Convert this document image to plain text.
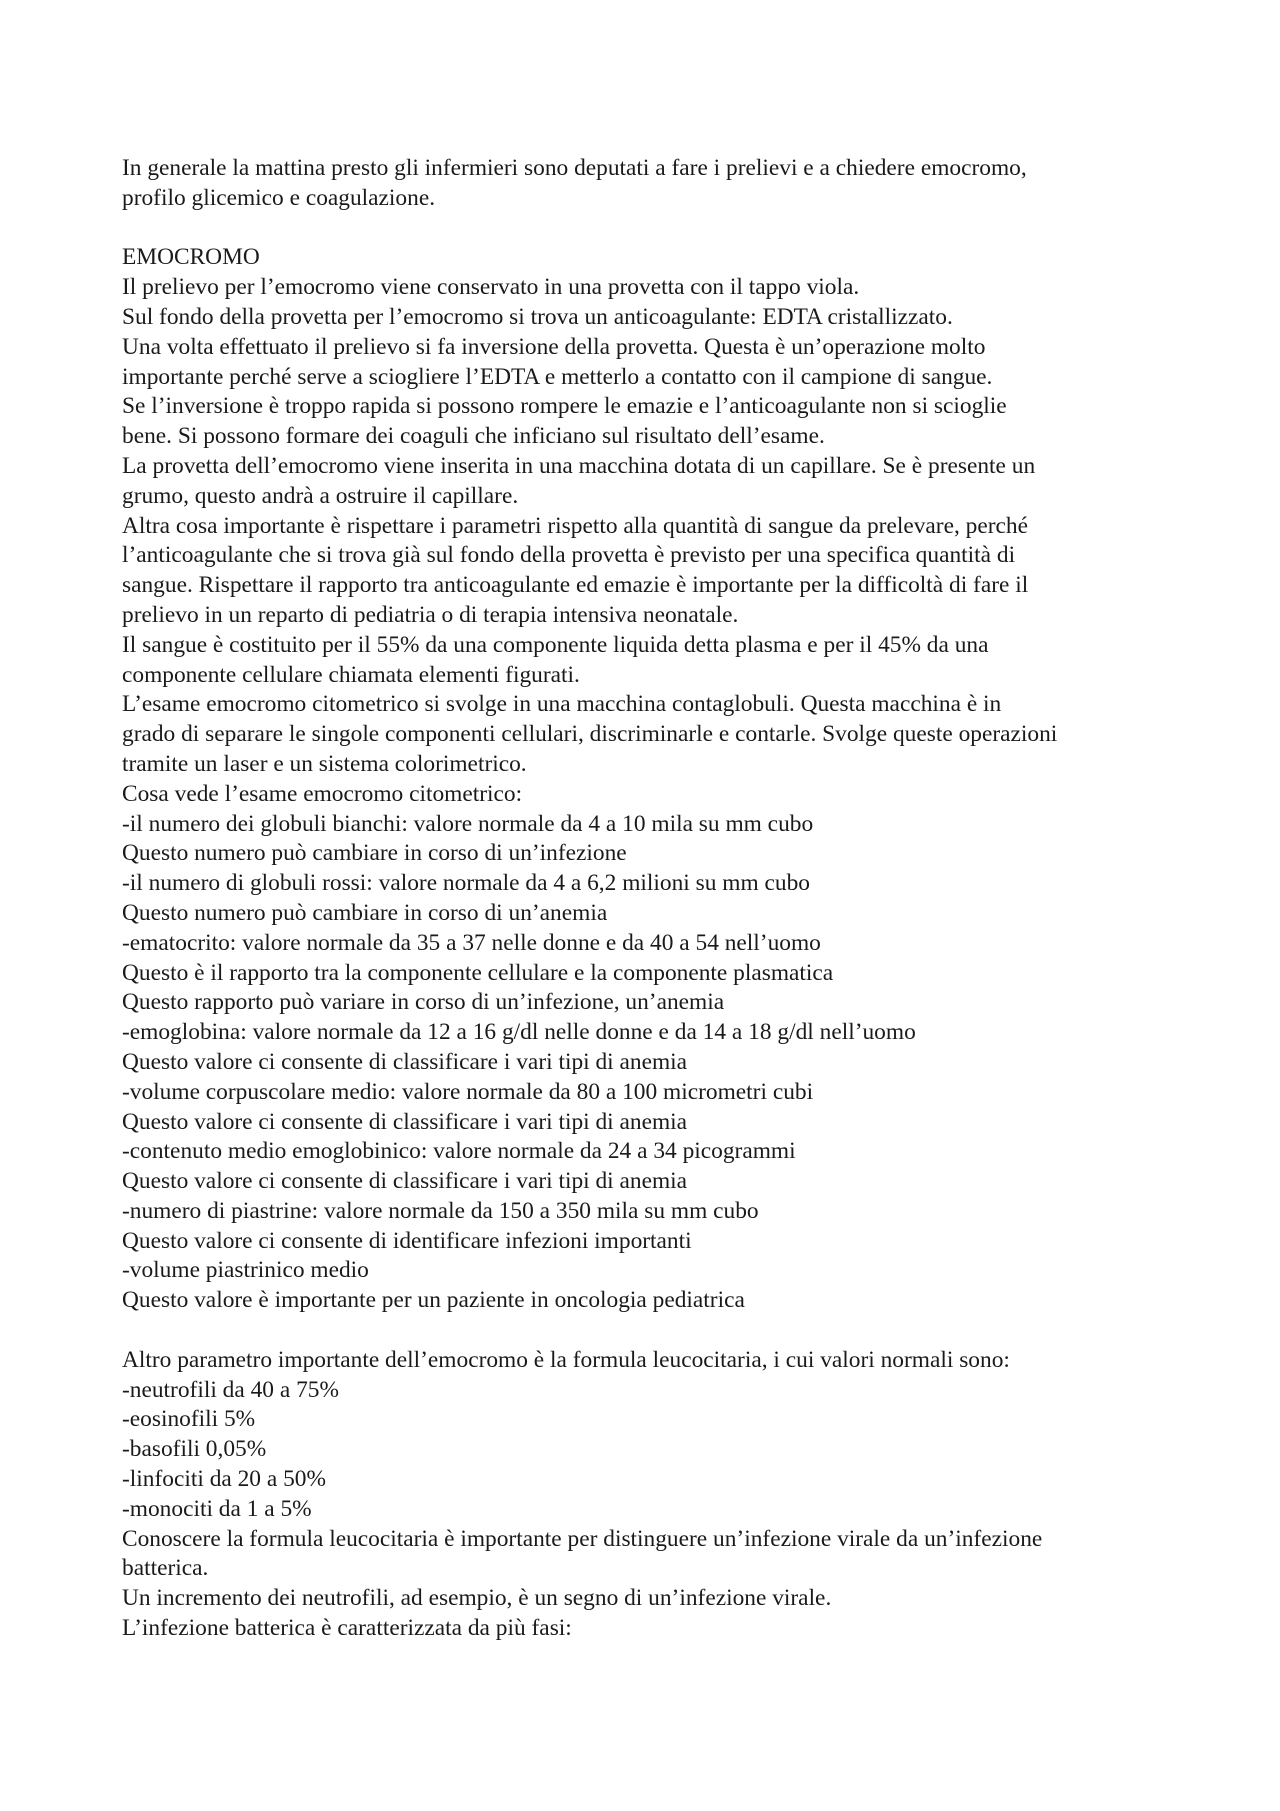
In generale la mattina presto gli infermieri sono deputati a fare i prelievi e a chiedere emocromo,

profilo glicemico e coagulazione.

EMOCROMO

Il prelievo per l’emocromo viene conservato in una provetta con il tappo viola.

Sul fondo della provetta per l’emocromo si trova un anticoagulante: EDTA cristallizzato.

Una volta effettuato il prelievo si fa inversione della provetta. Questa è un’operazione molto

importante perché serve a sciogliere l’EDTA e metterlo a contatto con il campione di sangue.

Se l’inversione è troppo rapida si possono rompere le emazie e l’anticoagulante non si scioglie

bene. Si possono formare dei coaguli che inficiano sul risultato dell’esame.

La provetta dell’emocromo viene inserita in una macchina dotata di un capillare. Se è presente un

grumo, questo andrà a ostruire il capillare.

Altra cosa importante è rispettare i parametri rispetto alla quantità di sangue da prelevare, perché

l’anticoagulante che si trova già sul fondo della provetta è previsto per una specifica quantità di

sangue. Rispettare il rapporto tra anticoagulante ed emazie è importante per la difficoltà di fare il

prelievo in un reparto di pediatria o di terapia intensiva neonatale.

Il sangue è costituito per il 55% da una componente liquida detta plasma e per il 45% da una

componente cellulare chiamata elementi figurati.

L’esame emocromo citometrico si svolge in una macchina contaglobuli. Questa macchina è in

grado di separare le singole componenti cellulari, discriminarle e contarle. Svolge queste operazioni

tramite un laser e un sistema colorimetrico.

Cosa vede l’esame emocromo citometrico:

-il numero dei globuli bianchi: valore normale da 4 a 10 mila su mm cubo

Questo numero può cambiare in corso di un’infezione

-il numero di globuli rossi: valore normale da 4 a 6,2 milioni su mm cubo

Questo numero può cambiare in corso di un’anemia

-ematocrito: valore normale da 35 a 37 nelle donne e da 40 a 54 nell’uomo

Questo è il rapporto tra la componente cellulare e la componente plasmatica

Questo rapporto può variare in corso di un’infezione, un’anemia

-emoglobina: valore normale da 12 a 16 g/dl nelle donne e da 14 a 18 g/dl nell’uomo

Questo valore ci consente di classificare i vari tipi di anemia

-volume corpuscolare medio: valore normale da 80 a 100 micrometri cubi

Questo valore ci consente di classificare i vari tipi di anemia

-contenuto medio emoglobinico: valore normale da 24 a 34 picogrammi

Questo valore ci consente di classificare i vari tipi di anemia

-numero di piastrine: valore normale da 150 a 350 mila su mm cubo

Questo valore ci consente di identificare infezioni importanti

-volume piastrinico medio

Questo valore è importante per un paziente in oncologia pediatrica

Altro parametro importante dell’emocromo è la formula leucocitaria, i cui valori normali sono:

-neutrofili da 40 a 75%

-eosinofili 5%

-basofili 0,05%

-linfociti da 20 a 50%

-monociti da 1 a 5%

Conoscere la formula leucocitaria è importante per distinguere un’infezione virale da un’infezione

batterica.

Un incremento dei neutrofili, ad esempio, è un segno di un’infezione virale.

L’infezione batterica è caratterizzata da più fasi:
